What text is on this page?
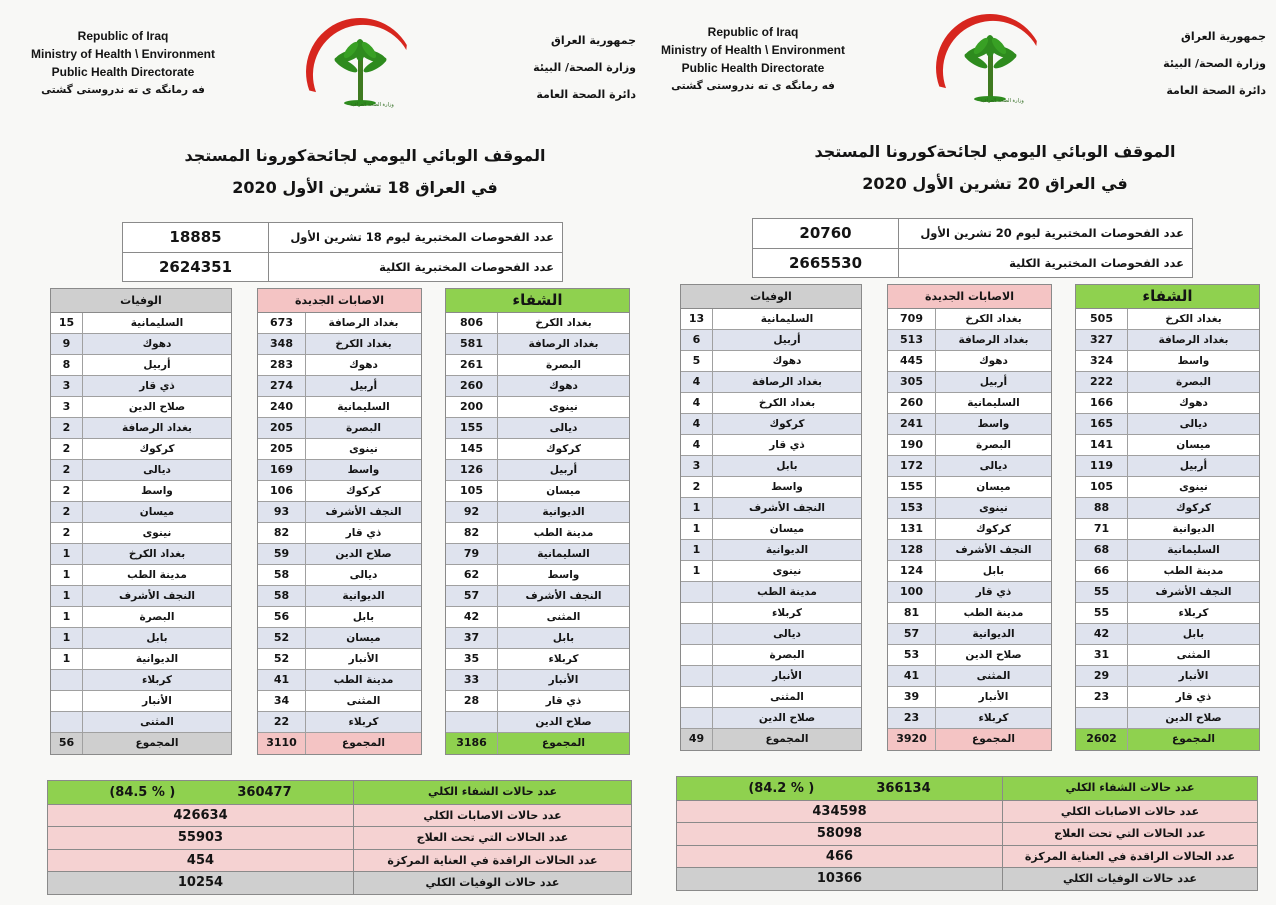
Republic of Iraq
Ministry of Health \ Environment
Public Health Directorate
فه رمانگه ى ته ندروستى گشتى
وزارة الصحة العراقية
جمهورية العراق
وزارة الصحة/ البيئة
دائرة الصحة العامة
الموقف الوبائي اليومي لجائحةكورونا المستجد
في العراق 18 تشرين الأول 2020
18885	عدد الفحوصات المختبرية ليوم 18 تشرين الأول
2624351	عدد الفحوصات المختبرية الكلية
الوفيات
15	السليمانية
9	دهوك
8	أربيل
3	ذي قار
3	صلاح الدين
2	بغداد الرصافة
2	كركوك
2	ديالى
2	واسط
2	ميسان
2	نينوى
1	بغداد الكرخ
1	مدينة الطب
1	النجف الأشرف
1	البصرة
1	بابل
1	الديوانية
كربلاء
الأنبار
المثنى
56	المجموع
الاصابات الجديدة
673	بغداد الرصافة
348	بغداد الكرخ
283	دهوك
274	أربيل
240	السليمانية
205	البصرة
205	نينوى
169	واسط
106	كركوك
93	النجف الأشرف
82	ذي قار
59	صلاح الدين
58	ديالى
58	الديوانية
56	بابل
52	ميسان
52	الأنبار
41	مدينة الطب
34	المثنى
22	كربلاء
3110	المجموع
الشفاء
806	بغداد الكرخ
581	بغداد الرصافة
261	البصرة
260	دهوك
200	نينوى
155	ديالى
145	كركوك
126	أربيل
105	ميسان
92	الديوانية
82	مدينة الطب
79	السليمانية
62	واسط
57	النجف الأشرف
42	المثنى
37	بابل
35	كربلاء
33	الأنبار
28	ذي قار
صلاح الدين
3186	المجموع
(84.5 % )	360477	عدد حالات الشفاء الكلي
426634	عدد حالات الاصابات الكلي
55903	عدد الحالات التي تحت العلاج
454	عدد الحالات الراقدة في العناية المركزة
10254	عدد حالات الوفيات الكلي
Republic of Iraq
Ministry of Health \ Environment
Public Health Directorate
فه رمانگه ى ته ندروستى گشتى
وزارة الصحة العراقية
جمهورية العراق
وزارة الصحة/ البيئة
دائرة الصحة العامة
الموقف الوبائي اليومي لجائحةكورونا المستجد
في العراق 20 تشرين الأول 2020
20760	عدد الفحوصات المختبرية ليوم 20 تشرين الأول
2665530	عدد الفحوصات المختبرية الكلية
الوفيات
13	السليمانية
6	أربيل
5	دهوك
4	بغداد الرصافة
4	بغداد الكرخ
4	كركوك
4	ذي قار
3	بابل
2	واسط
1	النجف الأشرف
1	ميسان
1	الديوانية
1	نينوى
مدينة الطب
كربلاء
ديالى
البصرة
الأنبار
المثنى
صلاح الدين
49	المجموع
الاصابات الجديدة
709	بغداد الكرخ
513	بغداد الرصافة
445	دهوك
305	أربيل
260	السليمانية
241	واسط
190	البصرة
172	ديالى
155	ميسان
153	نينوى
131	كركوك
128	النجف الأشرف
124	بابل
100	ذي قار
81	مدينة الطب
57	الديوانية
53	صلاح الدين
41	المثنى
39	الأنبار
23	كربلاء
3920	المجموع
الشفاء
505	بغداد الكرخ
327	بغداد الرصافة
324	واسط
222	البصرة
166	دهوك
165	ديالى
141	ميسان
119	أربيل
105	نينوى
88	كركوك
71	الديوانية
68	السليمانية
66	مدينة الطب
55	النجف الأشرف
55	كربلاء
42	بابل
31	المثنى
29	الأنبار
23	ذي قار
صلاح الدين
2602	المجموع
(84.2 % )	366134	عدد حالات الشفاء الكلي
434598	عدد حالات الاصابات الكلي
58098	عدد الحالات التي تحت العلاج
466	عدد الحالات الراقدة في العناية المركزة
10366	عدد حالات الوفيات الكلي
